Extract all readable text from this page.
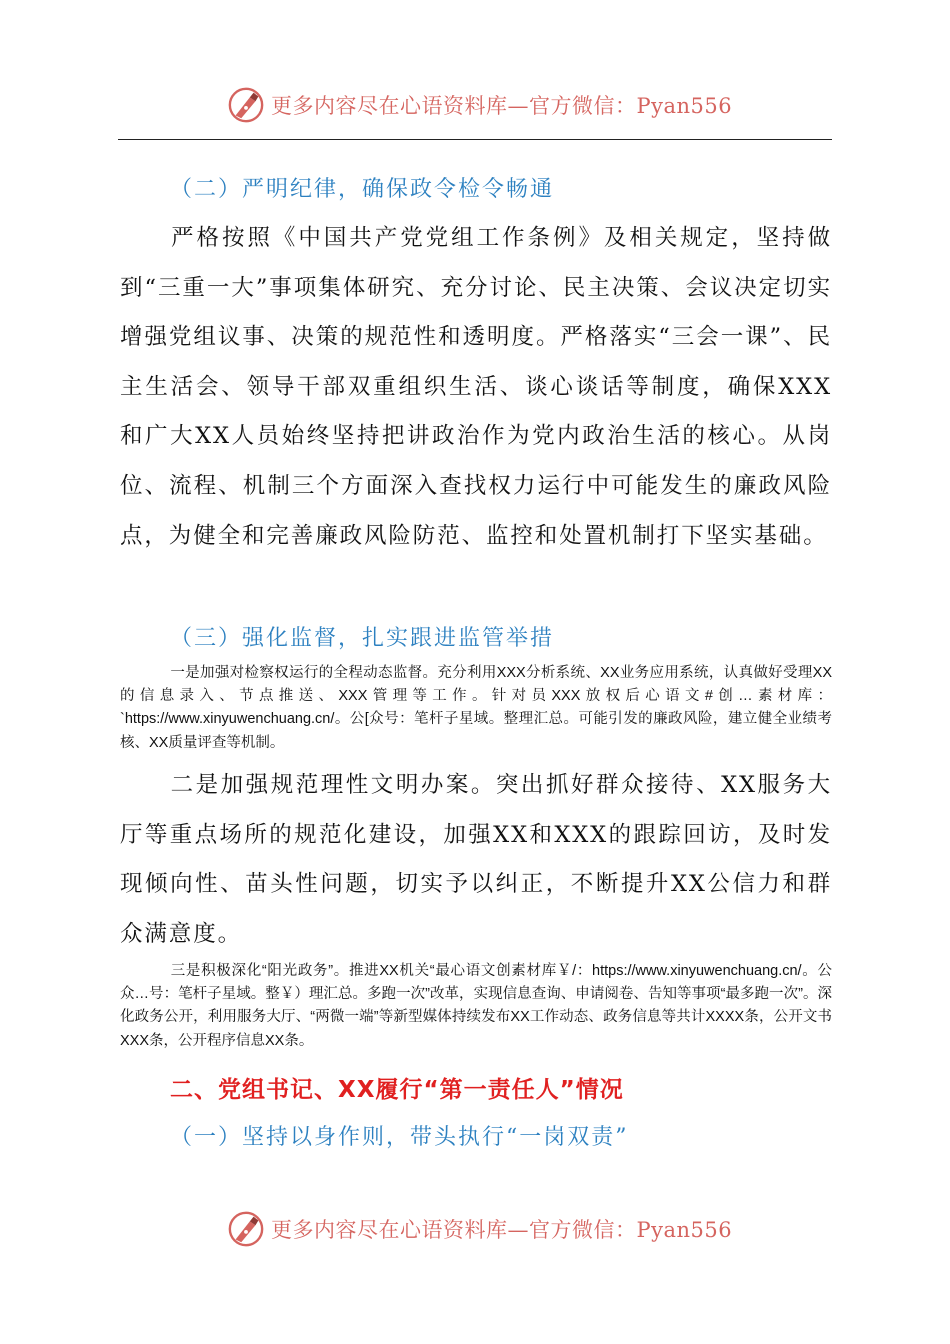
更多内容尽在心语资料库—官方微信：Pyan556
（二）严明纪律，确保政令检令畅通

严格按照《中国共产党党组工作条例》及相关规定，坚持做到“三重一大”事项集体研究、充分讨论、民主决策、会议决定切实增强党组议事、决策的规范性和透明度。严格落实“三会一课”、民主生活会、领导干部双重组织生活、谈心谈话等制度，确保XXX和广大XX人员始终坚持把讲政治作为党内政治生活的核心。从岗位、流程、机制三个方面深入查找权力运行中可能发生的廉政风险点，为健全和完善廉政风险防范、监控和处置机制打下坚实基础。

（三）强化监督，扎实跟进监管举措

一是加强对检察权运行的全程动态监督。充分利用XXX分析系统、XX业务应用系统，认真做好受理XX的信息录入、节点推送、XXX管理等工作。针对员XXX放权后心语文#创…素材库：`https://www.xinyuwenchuang.cn/。公[众号：笔杆子星域。整理汇总。可能引发的廉政风险，建立健全业绩考核、XX质量评查等机制。

二是加强规范理性文明办案。突出抓好群众接待、XX服务大厅等重点场所的规范化建设，加强XX和XXX的跟踪回访，及时发现倾向性、苗头性问题，切实予以纠正，不断提升XX公信力和群众满意度。

三是积极深化“阳光政务”。推进XX机关“最心语文创素材库￥/：https://www.xinyuwenchuang.cn/。公众…号：笔杆子星域。整￥）理汇总。多跑一次”改革，实现信息查询、申请阅卷、告知等事项“最多跑一次”。深化政务公开，利用服务大厅、“两微一端”等新型媒体持续发布XX工作动态、政务信息等共计XXXX条，公开文书XXX条，公开程序信息XX条。

二、党组书记、XX履行“第一责任人”情况
（一）坚持以身作则，带头执行“一岗双责”
更多内容尽在心语资料库—官方微信：Pyan556
